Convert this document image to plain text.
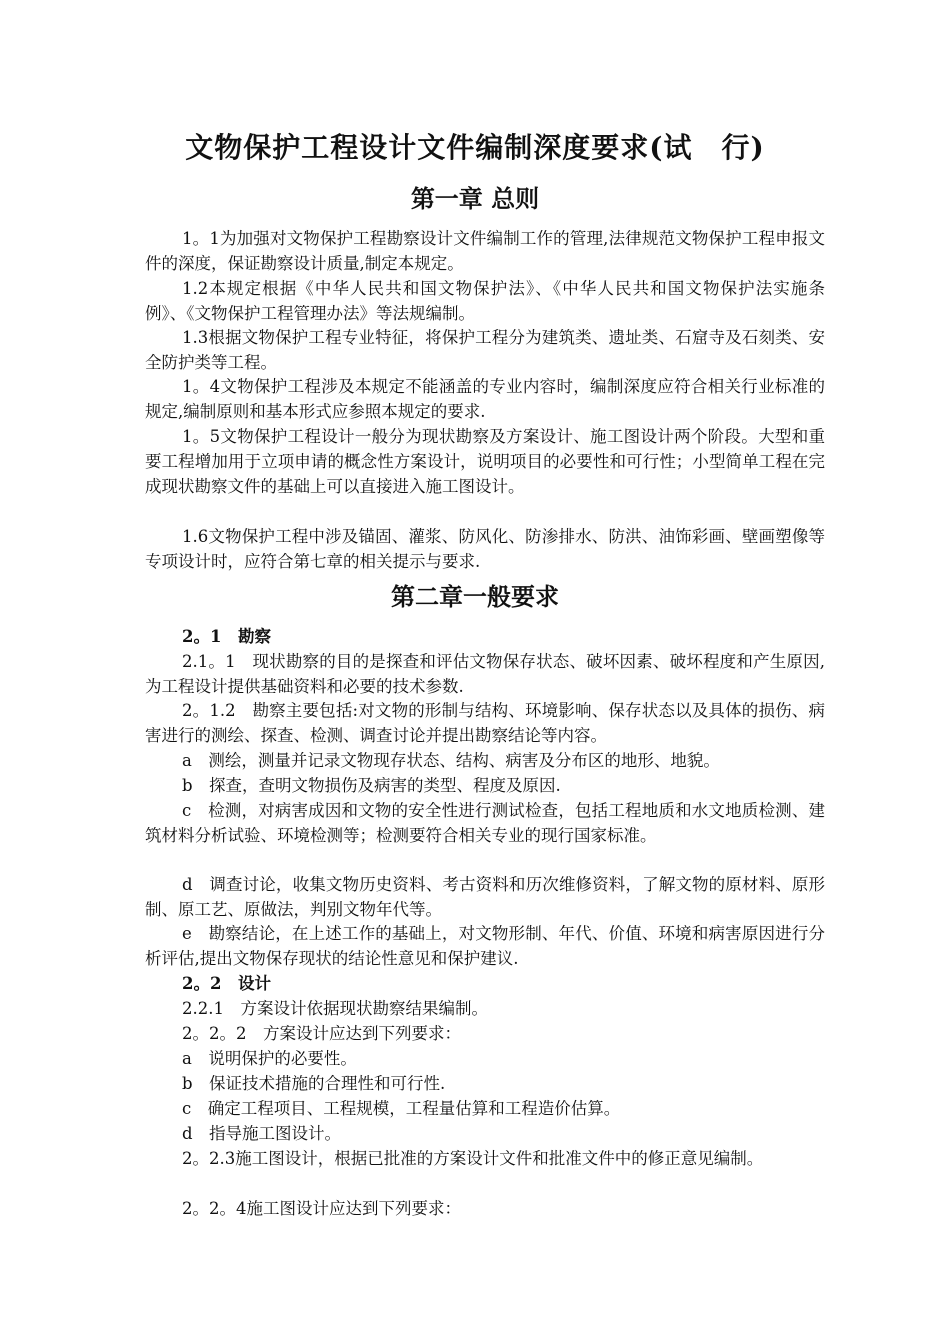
文物保护工程设计文件编制深度要求(试　行)
第一章 总则
1。1为加强对文物保护工程勘察设计文件编制工作的管理,法律规范文物保护工程申报文件的深度，保证勘察设计质量,制定本规定。
1.2本规定根据《中华人民共和国文物保护法》、《中华人民共和国文物保护法实施条例》、《文物保护工程管理办法》等法规编制。
1.3根据文物保护工程专业特征，将保护工程分为建筑类、遗址类、石窟寺及石刻类、安全防护类等工程。
1。4文物保护工程涉及本规定不能涵盖的专业内容时，编制深度应符合相关行业标准的规定,编制原则和基本形式应参照本规定的要求.
1。5文物保护工程设计一般分为现状勘察及方案设计、施工图设计两个阶段。大型和重要工程增加用于立项申请的概念性方案设计，说明项目的必要性和可行性；小型简单工程在完成现状勘察文件的基础上可以直接进入施工图设计。
1.6文物保护工程中涉及锚固、灌浆、防风化、防渗排水、防洪、油饰彩画、壁画塑像等专项设计时，应符合第七章的相关提示与要求.
第二章一般要求
2。1　勘察
2.1。1　现状勘察的目的是探查和评估文物保存状态、破坏因素、破坏程度和产生原因,为工程设计提供基础资料和必要的技术参数.
2。1.2　勘察主要包括:对文物的形制与结构、环境影响、保存状态以及具体的损伤、病害进行的测绘、探查、检测、调查讨论并提出勘察结论等内容。
a　测绘，测量并记录文物现存状态、结构、病害及分布区的地形、地貌。
b　探查，查明文物损伤及病害的类型、程度及原因.
c　检测，对病害成因和文物的安全性进行测试检查，包括工程地质和水文地质检测、建筑材料分析试验、环境检测等；检测要符合相关专业的现行国家标准。
d　调查讨论，收集文物历史资料、考古资料和历次维修资料，了解文物的原材料、原形制、原工艺、原做法，判别文物年代等。
e　勘察结论，在上述工作的基础上，对文物形制、年代、价值、环境和病害原因进行分析评估,提出文物保存现状的结论性意见和保护建议.
2。2　设计
2.2.1　方案设计依据现状勘察结果编制。
2。2。2　方案设计应达到下列要求：
a　说明保护的必要性。
b　保证技术措施的合理性和可行性.
c　确定工程项目、工程规模，工程量估算和工程造价估算。
d　指导施工图设计。
2。2.3施工图设计，根据已批准的方案设计文件和批准文件中的修正意见编制。
2。2。4施工图设计应达到下列要求：
